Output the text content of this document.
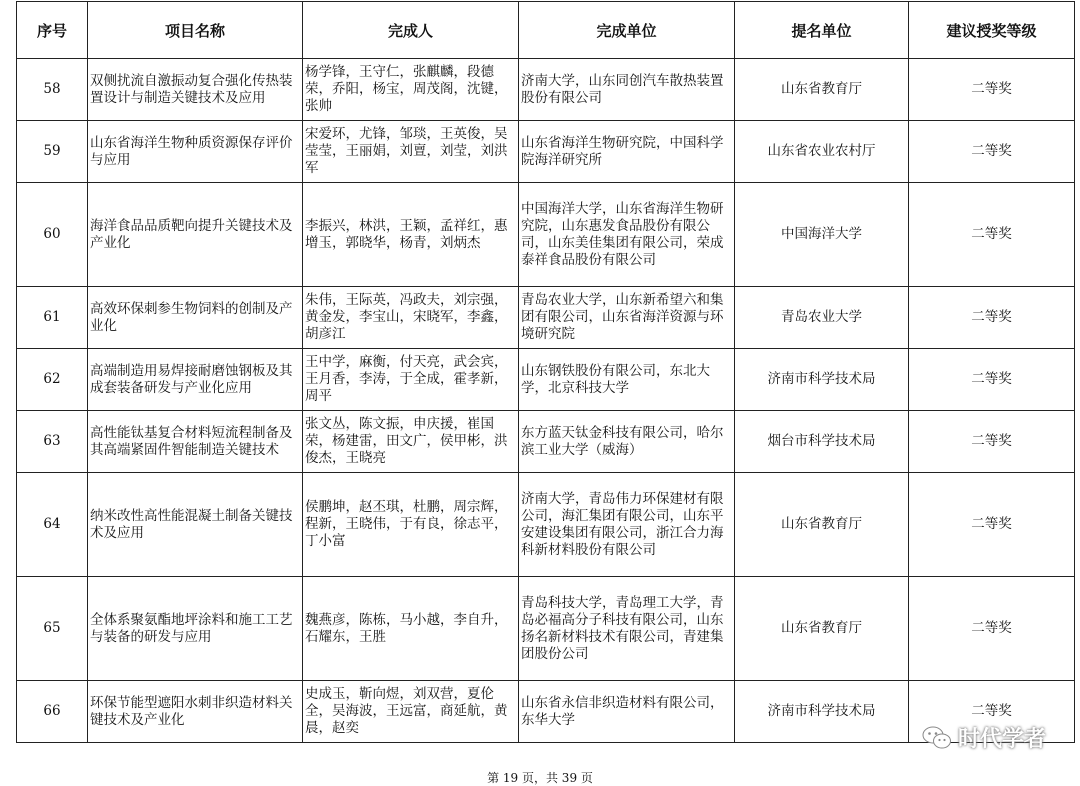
序号	项目名称	完成人	完成单位	提名单位	建议授奖等级
58	双侧扰流自激振动复合强化传热装置设计与制造关键技术及应用	杨学锋，王守仁，张麒麟，段德荣，乔阳，杨宝，周茂阁，沈键，张帅	济南大学，山东同创汽车散热装置股份有限公司	山东省教育厅	二等奖
59	山东省海洋生物种质资源保存评价与应用	宋爱环，尤锋，邹琰，王英俊，吴莹莹，王丽娟，刘亶，刘莹，刘洪军	山东省海洋生物研究院，中国科学院海洋研究所	山东省农业农村厅	二等奖
60	海洋食品品质靶向提升关键技术及产业化	李振兴，林洪，王颖，孟祥红，惠增玉，郭晓华，杨青，刘炳杰	中国海洋大学，山东省海洋生物研究院，山东惠发食品股份有限公司，山东美佳集团有限公司，荣成泰祥食品股份有限公司	中国海洋大学	二等奖
61	高效环保刺参生物饲料的创制及产业化	朱伟，王际英，冯政夫，刘宗强，黄金发，李宝山，宋晓军，李鑫，胡彦江	青岛农业大学，山东新希望六和集团有限公司，山东省海洋资源与环境研究院	青岛农业大学	二等奖
62	高端制造用易焊接耐磨蚀钢板及其成套装备研发与产业化应用	王中学，麻衡，付天亮，武会宾，王月香，李涛，于全成，霍孝新，周平	山东钢铁股份有限公司，东北大学，北京科技大学	济南市科学技术局	二等奖
63	高性能钛基复合材料短流程制备及其高端紧固件智能制造关键技术	张文丛，陈文振，申庆援，崔国荣，杨建雷，田文广，侯甲彬，洪俊杰，王晓亮	东方蓝天钛金科技有限公司，哈尔滨工业大学（威海）	烟台市科学技术局	二等奖
64	纳米改性高性能混凝土制备关键技术及应用	侯鹏坤，赵丕琪，杜鹏，周宗辉，程新，王晓伟，于有良，徐志平，丁小富	济南大学，青岛伟力环保建材有限公司，海汇集团有限公司，山东平安建设集团有限公司，浙江合力海科新材料股份有限公司	山东省教育厅	二等奖
65	全体系聚氨酯地坪涂料和施工工艺与装备的研发与应用	魏燕彦，陈栋，马小越，李自升，石耀东，王胜	青岛科技大学，青岛理工大学，青岛必福高分子科技有限公司，山东扬名新材料技术有限公司，青建集团股份公司	山东省教育厅	二等奖
66	环保节能型遮阳水刺非织造材料关键技术及产业化	史成玉，靳向煜，刘双营，夏伦全，吴海波，王远富，商延航，黄晨，赵奕	山东省永信非织造材料有限公司，东华大学	济南市科学技术局	二等奖
时代学者
第 19 页，共 39 页
